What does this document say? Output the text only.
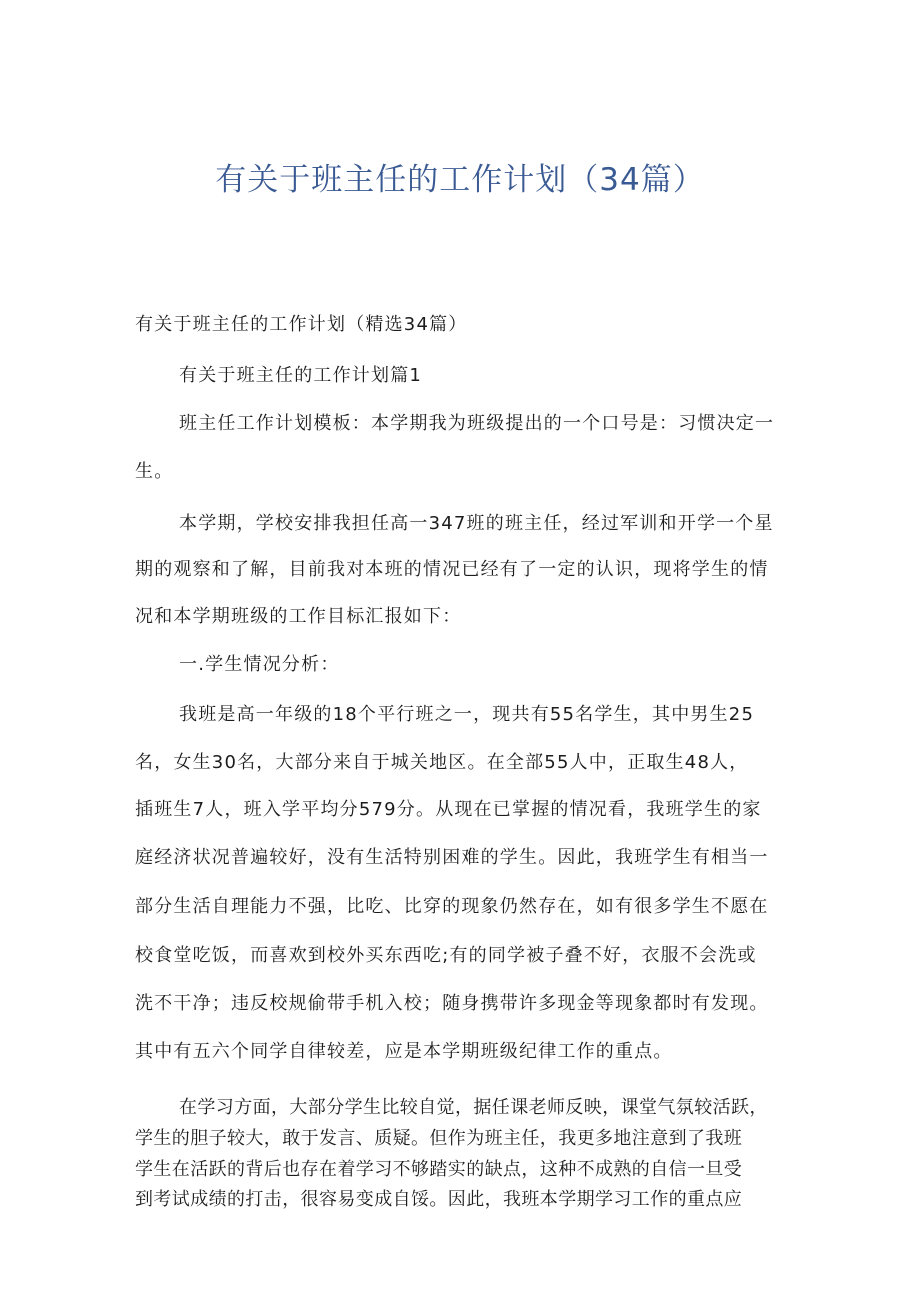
有关于班主任的工作计划（34篇）
有关于班主任的工作计划（精选34篇）
有关于班主任的工作计划篇1
班主任工作计划模板：本学期我为班级提出的一个口号是：习惯决定一
生。
本学期，学校安排我担任高一347班的班主任，经过军训和开学一个星
期的观察和了解，目前我对本班的情况已经有了一定的认识，现将学生的情
况和本学期班级的工作目标汇报如下：
一.学生情况分析：
我班是高一年级的18个平行班之一，现共有55名学生，其中男生25
名，女生30名，大部分来自于城关地区。在全部55人中，正取生48人，
插班生7人，班入学平均分579分。从现在已掌握的情况看，我班学生的家
庭经济状况普遍较好，没有生活特别困难的学生。因此，我班学生有相当一
部分生活自理能力不强，比吃、比穿的现象仍然存在，如有很多学生不愿在
校食堂吃饭，而喜欢到校外买东西吃;有的同学被子叠不好，衣服不会洗或
洗不干净；违反校规偷带手机入校；随身携带许多现金等现象都时有发现。
其中有五六个同学自律较差，应是本学期班级纪律工作的重点。
在学习方面，大部分学生比较自觉，据任课老师反映，课堂气氛较活跃，
学生的胆子较大，敢于发言、质疑。但作为班主任，我更多地注意到了我班
学生在活跃的背后也存在着学习不够踏实的缺点，这种不成熟的自信一旦受
到考试成绩的打击，很容易变成自馁。因此，我班本学期学习工作的重点应
